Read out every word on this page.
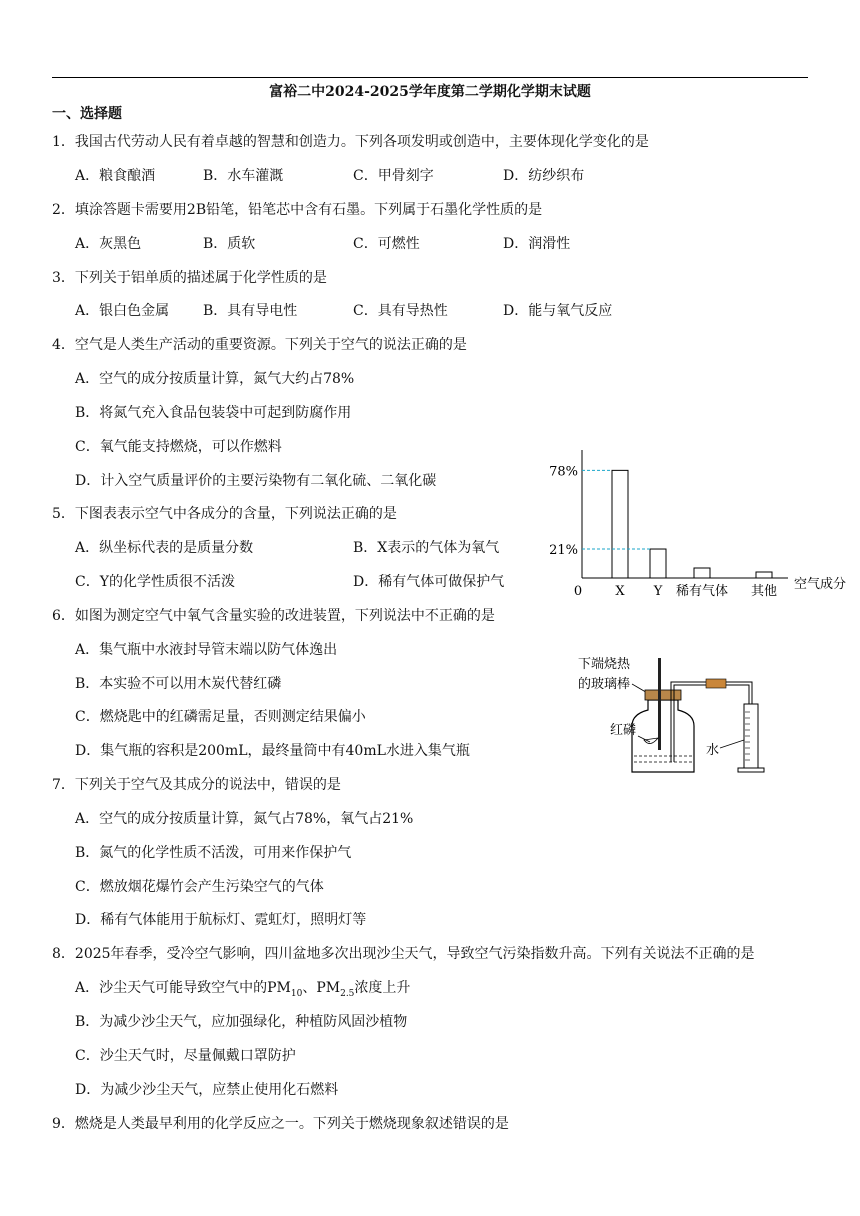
富裕二中2024-2025学年度第二学期化学期末试题
一、选择题
1．我国古代劳动人民有着卓越的智慧和创造力。下列各项发明或创造中，主要体现化学变化的是
A．粮食酿酒	B．水车灌溉	C．甲骨刻字	D．纺纱织布
2．填涂答题卡需要用2B铅笔，铅笔芯中含有石墨。下列属于石墨化学性质的是
A．灰黑色	B．质软	C．可燃性	D．润滑性
3．下列关于铝单质的描述属于化学性质的是
A．银白色金属 B．具有导电性	C．具有导热性	D．能与氧气反应
4．空气是人类生产活动的重要资源。下列关于空气的说法正确的是
A．空气的成分按质量计算，氮气大约占78%
B．将氮气充入食品包装袋中可起到防腐作用
C．氧气能支持燃烧，可以作燃料
D．计入空气质量评价的主要污染物有二氧化硫、二氧化碳
5．下图表表示空气中各成分的含量，下列说法正确的是
A．纵坐标代表的是质量分数	B．X表示的气体为氧气
C．Y的化学性质很不活泼	D．稀有气体可做保护气
6．如图为测定空气中氧气含量实验的改进装置，下列说法中不正确的是
A．集气瓶中水液封导管末端以防气体逸出
B．本实验不可以用木炭代替红磷
C．燃烧匙中的红磷需足量，否则测定结果偏小
D．集气瓶的容积是200mL，最终量筒中有40mL水进入集气瓶
7．下列关于空气及其成分的说法中，错误的是
A．空气的成分按质量计算，氮气占78%，氧气占21%
B．氮气的化学性质不活泼，可用来作保护气
C．燃放烟花爆竹会产生污染空气的气体
D．稀有气体能用于航标灯、霓虹灯，照明灯等
8．2025年春季，受冷空气影响，四川盆地多次出现沙尘天气，导致空气污染指数升高。下列有关说法不正确的是
A．沙尘天气可能导致空气中的$PM_{10}$、$PM_{2.5}$浓度上升
B．为减少沙尘天气，应加强绿化，种植防风固沙植物
C．沙尘天气时，尽量佩戴口罩防护
D．为减少沙尘天气，应禁止使用化石燃料
9．燃烧是人类最早利用的化学反应之一。下列关于燃烧现象叙述错误的是
0	X Y 稀有气体 其他
78%
21%
空气成分
下端烧热
的玻璃棒
红磷
水
